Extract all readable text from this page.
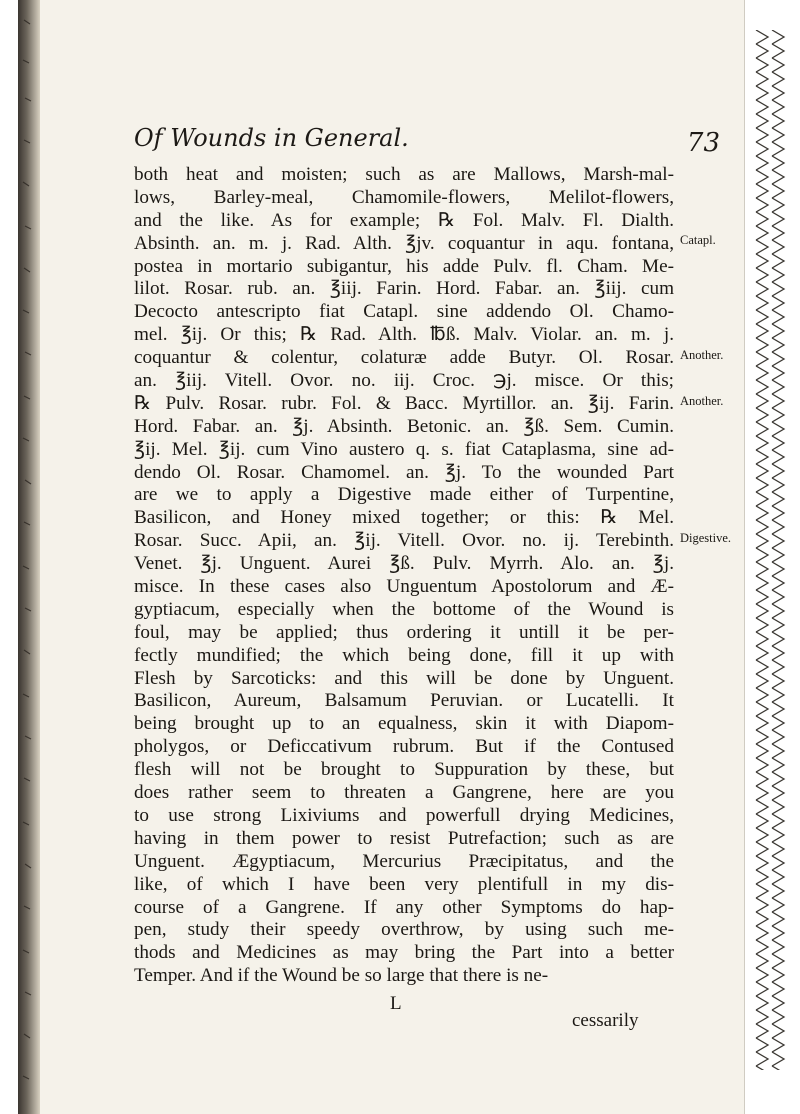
Of Wounds in General.	73
both heat and moisten; such as are Mallows, Marsh-mal-
lows, Barley-meal, Chamomile-flowers, Melilot-flowers,
and the like. As for example; ℞ Fol. Malv. Fl. Dialth.
Absinth. an. m. j. Rad. Alth. ℥jv. coquantur in aqu. fontana,
postea in mortario subigantur, his adde Pulv. fl. Cham. Me-
lilot. Rosar. rub. an. ℥iij. Farin. Hord. Fabar. an. ℥iij. cum
Decocto antescripto fiat Catapl. sine addendo Ol. Chamo-
mel. ℥ij. Or this; ℞ Rad. Alth. ℔ß. Malv. Violar. an. m. j.
coquantur & colentur, colaturæ adde Butyr. Ol. Rosar.
an. ℥iij. Vitell. Ovor. no. iij. Croc. ℈j. misce. Or this;
℞ Pulv. Rosar. rubr. Fol. & Bacc. Myrtillor. an. ℥ij. Farin.
Hord. Fabar. an. ℥j. Absinth. Betonic. an. ℥ß. Sem. Cumin.
℥ij. Mel. ℥ij. cum Vino austero q. s. fiat Cataplasma, sine ad-
dendo Ol. Rosar. Chamomel. an. ℥j. To the wounded Part
are we to apply a Digestive made either of Turpentine,
Basilicon, and Honey mixed together; or this: ℞ Mel.
Rosar. Succ. Apii, an. ℥ij. Vitell. Ovor. no. ij. Terebinth.
Venet. ℥j. Unguent. Aurei ℥ß. Pulv. Myrrh. Alo. an. ℥j.
misce. In these cases also Unguentum Apostolorum and Æ-
gyptiacum, especially when the bottome of the Wound is
foul, may be applied; thus ordering it untill it be per-
fectly mundified; the which being done, fill it up with
Flesh by Sarcoticks: and this will be done by Unguent.
Basilicon, Aureum, Balsamum Peruvian. or Lucatelli. It
being brought up to an equalness, skin it with Diapom-
pholygos, or Deficcativum rubrum. But if the Contused
flesh will not be brought to Suppuration by these, but
does rather seem to threaten a Gangrene, here are you
to use strong Lixiviums and powerfull drying Medicines,
having in them power to resist Putrefaction; such as are
Unguent. Ægyptiacum, Mercurius Præcipitatus, and the
like, of which I have been very plentifull in my dis-
course of a Gangrene. If any other Symptoms do hap-
pen, study their speedy overthrow, by using such me-
thods and Medicines as may bring the Part into a better
Temper. And if the Wound be so large that there is ne-
Catapl.
Another.
Another.
Digestive.
L
cessarily
